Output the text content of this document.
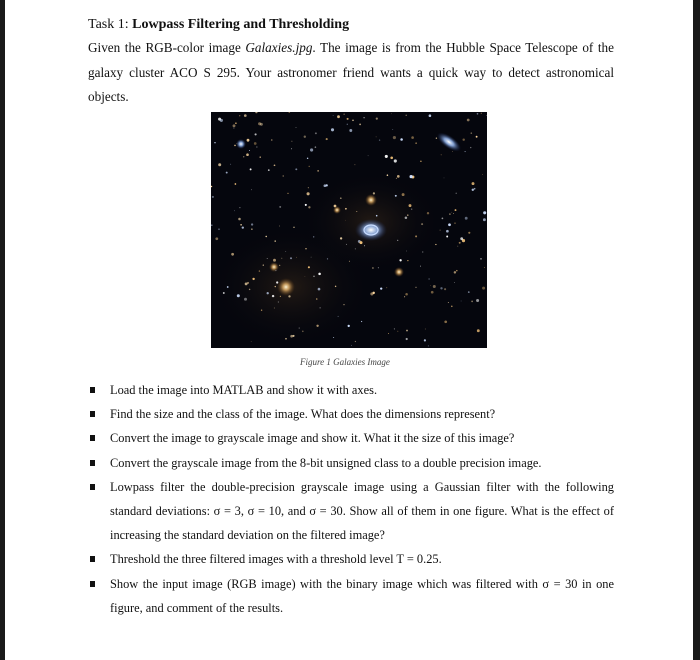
Task 1: Lowpass Filtering and Thresholding

Given the RGB-color image Galaxies.jpg. The image is from the Hubble Space Telescope of the galaxy cluster ACO S 295. Your astronomer friend wants a quick way to detect astronomical objects.

Figure 1 Galaxies Image
Load the image into MATLAB and show it with axes.
Find the size and the class of the image. What does the dimensions represent?
Convert the image to grayscale image and show it. What it the size of this image?
Convert the grayscale image from the 8-bit unsigned class to a double precision image.
Lowpass filter the double-precision grayscale image using a Gaussian filter with the following standard deviations: σ = 3, σ = 10, and σ = 30. Show all of them in one figure. What is the effect of increasing the standard deviation on the filtered image?
Threshold the three filtered images with a threshold level T = 0.25.
Show the input image (RGB image) with the binary image which was filtered with σ = 30 in one figure, and comment of the results.
